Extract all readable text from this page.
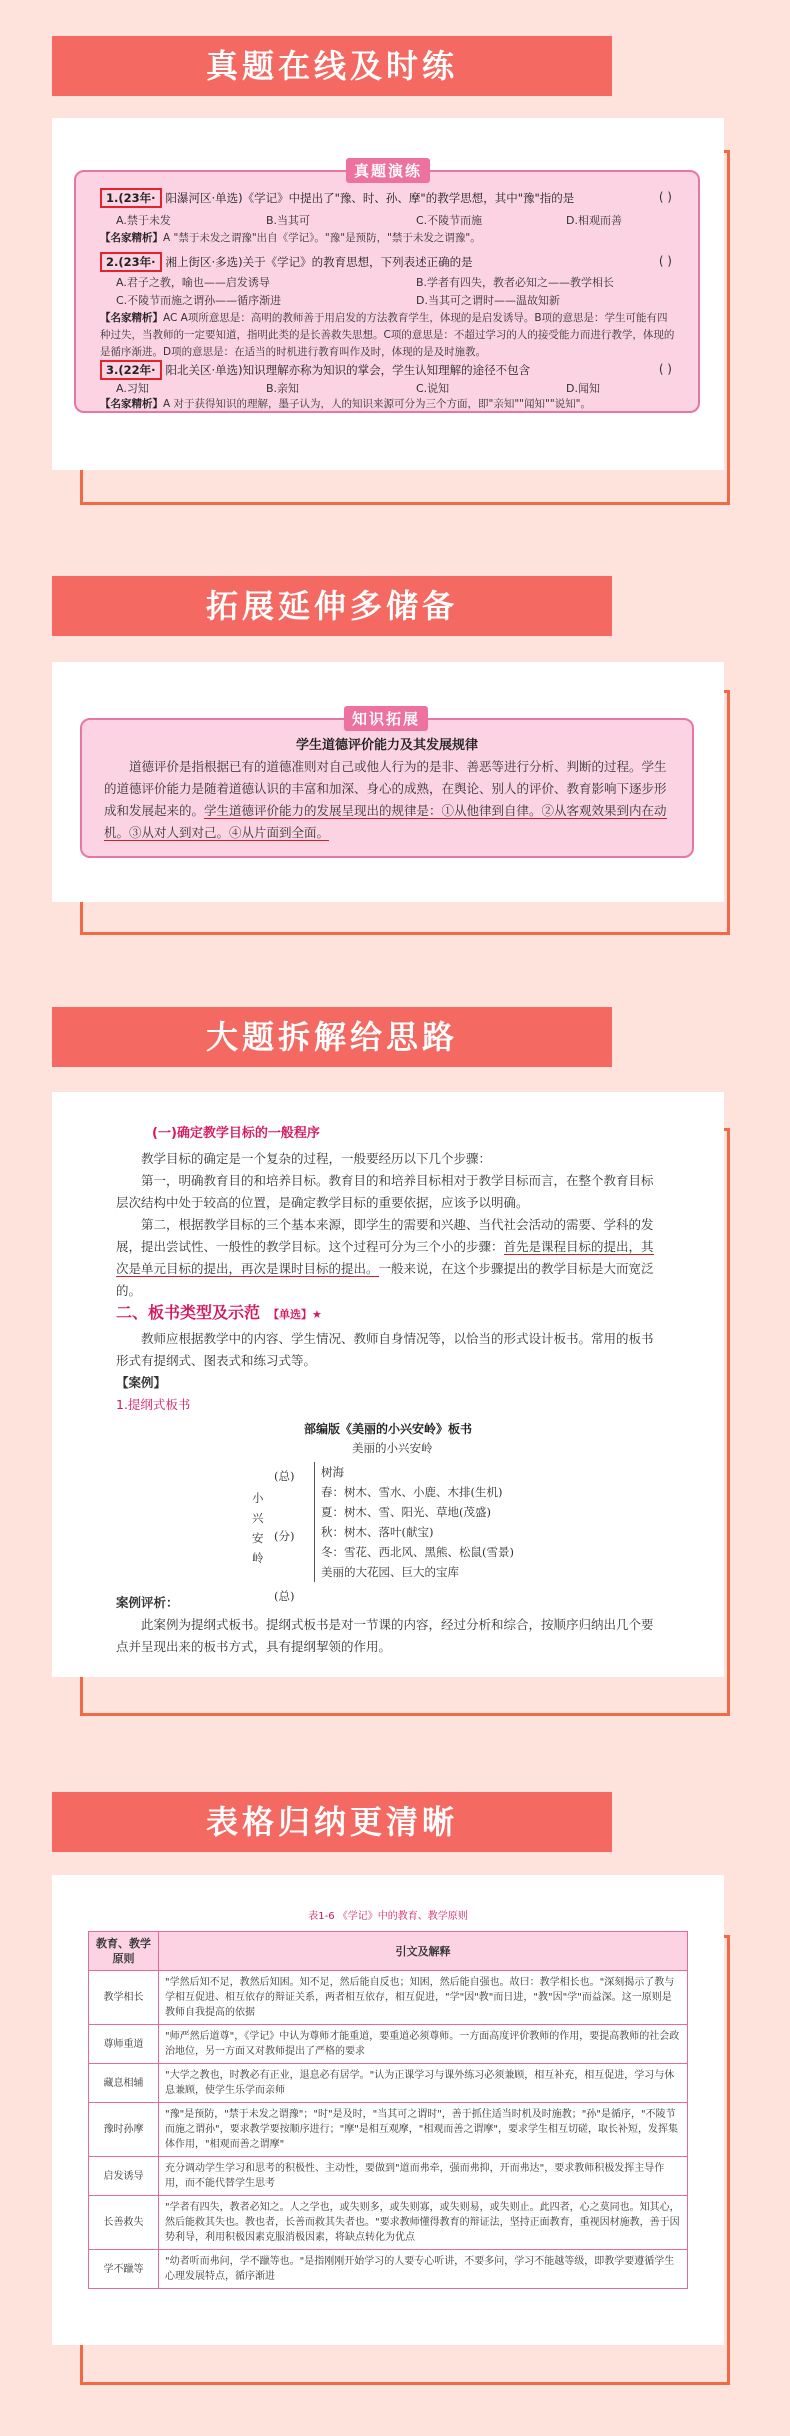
真题在线及时练
真题演练
1.(23年· 阳瀑河区·单选)《学记》中提出了"豫、时、孙、摩"的教学思想，其中"豫"指的是	( )
A.禁于未发	B.当其可	C.不陵节而施	D.相观而善
【名家精析】A "禁于未发之谓豫"出自《学记》。"豫"是预防，"禁于未发之谓豫"。
2.(23年· 湘上街区·多选)关于《学记》的教育思想，下列表述正确的是	( )
A.君子之教，喻也——启发诱导	B.学者有四失，教者必知之——教学相长
C.不陵节而施之谓孙——循序渐进	D.当其可之谓时——温故知新
【名家精析】AC A项所意思是：高明的教师善于用启发的方法教育学生，体现的是启发诱导。B项的意思是：学生可能有四种过失，当教师的一定要知道，指明此类的是长善救失思想。C项的意思是：不超过学习的人的接受能力而进行教学，体现的是循序渐进。D项的意思是：在适当的时机进行教育叫作及时，体现的是及时施教。
3.(22年· 阳北关区·单选)知识理解亦称为知识的掌会，学生认知理解的途径不包含	( )
A.习知	B.亲知	C.说知	D.闻知
【名家精析】A 对于获得知识的理解，墨子认为，人的知识来源可分为三个方面，即"亲知""闻知""说知"。
拓展延伸多储备
知识拓展
学生道德评价能力及其发展规律
道德评价是指根据已有的道德准则对自己或他人行为的是非、善恶等进行分析、判断的过程。学生的道德评价能力是随着道德认识的丰富和加深、身心的成熟，在舆论、别人的评价、教育影响下逐步形成和发展起来的。学生道德评价能力的发展呈现出的规律是：①从他律到自律。②从客观效果到内在动机。③从对人到对己。④从片面到全面。
大题拆解给思路
(一)确定教学目标的一般程序
教学目标的确定是一个复杂的过程，一般要经历以下几个步骤：
第一，明确教育目的和培养目标。教育目的和培养目标相对于教学目标而言，在整个教育目标层次结构中处于较高的位置，是确定教学目标的重要依据，应该予以明确。
第二，根据教学目标的三个基本来源，即学生的需要和兴趣、当代社会活动的需要、学科的发展，提出尝试性、一般性的教学目标。这个过程可分为三个小的步骤：首先是课程目标的提出，其次是单元目标的提出，再次是课时目标的提出。一般来说，在这个步骤提出的教学目标是大而宽泛的。
二、板书类型及示范 【单选】★
教师应根据教学中的内容、学生情况、教师自身情况等，以恰当的形式设计板书。常用的板书形式有提纲式、图表式和练习式等。
【案例】
1.提纲式板书
部编版《美丽的小兴安岭》板书
美丽的小兴安岭
小
兴
安
岭
(总)
(分)
(总)
树海
春：树木、雪水、小鹿、木排(生机)
夏：树木、雪、阳光、草地(茂盛)
秋：树木、落叶(献宝)
冬：雪花、西北风、黑熊、松鼠(雪景)
美丽的大花园、巨大的宝库
案例评析：
此案例为提纲式板书。提纲式板书是对一节课的内容，经过分析和综合，按顺序归纳出几个要点并呈现出来的板书方式，具有提纲挈领的作用。
表格归纳更清晰
表1-6 《学记》中的教育、教学原则
教育、教学原则	引文及解释
教学相长	"学然后知不足，教然后知困。知不足，然后能自反也；知困，然后能自强也。故曰：教学相长也。"深刻揭示了教与学相互促进、相互依存的辩证关系，两者相互依存，相互促进，"学"因"教"而日进，"教"因"学"而益深。这一原则是教师自我提高的依据
尊师重道	"师严然后道尊"，《学记》中认为尊师才能重道，要重道必须尊师。一方面高度评价教师的作用，要提高教师的社会政治地位，另一方面又对教师提出了严格的要求
藏息相辅	"大学之教也，时教必有正业，退息必有居学。"认为正课学习与课外练习必须兼顾，相互补充，相互促进，学习与休息兼顾，使学生乐学而亲师
豫时孙摩	"豫"是预防，"禁于未发之谓豫"；"时"是及时，"当其可之谓时"，善于抓住适当时机及时施教；"孙"是循序，"不陵节而施之谓孙"，要求教学要按顺序进行；"摩"是相互观摩，"相观而善之谓摩"，要求学生相互切磋，取长补短，发挥集体作用，"相观而善之谓摩"
启发诱导	充分调动学生学习和思考的积极性、主动性，要做到"道而弗牵，强而弗抑，开而弗达"，要求教师积极发挥主导作用，而不能代替学生思考
长善救失	"学者有四失，教者必知之。人之学也，或失则多，或失则寡，或失则易，或失则止。此四者，心之莫同也。知其心，然后能救其失也。教也者，长善而救其失者也。"要求教师懂得教育的辩证法，坚持正面教育，重视因材施教，善于因势利导，利用积极因素克服消极因素，将缺点转化为优点
学不躐等	"幼者听而弗问，学不躐等也。"是指刚刚开始学习的人要专心听讲，不要多问，学习不能越等级，即教学要遵循学生心理发展特点，循序渐进
